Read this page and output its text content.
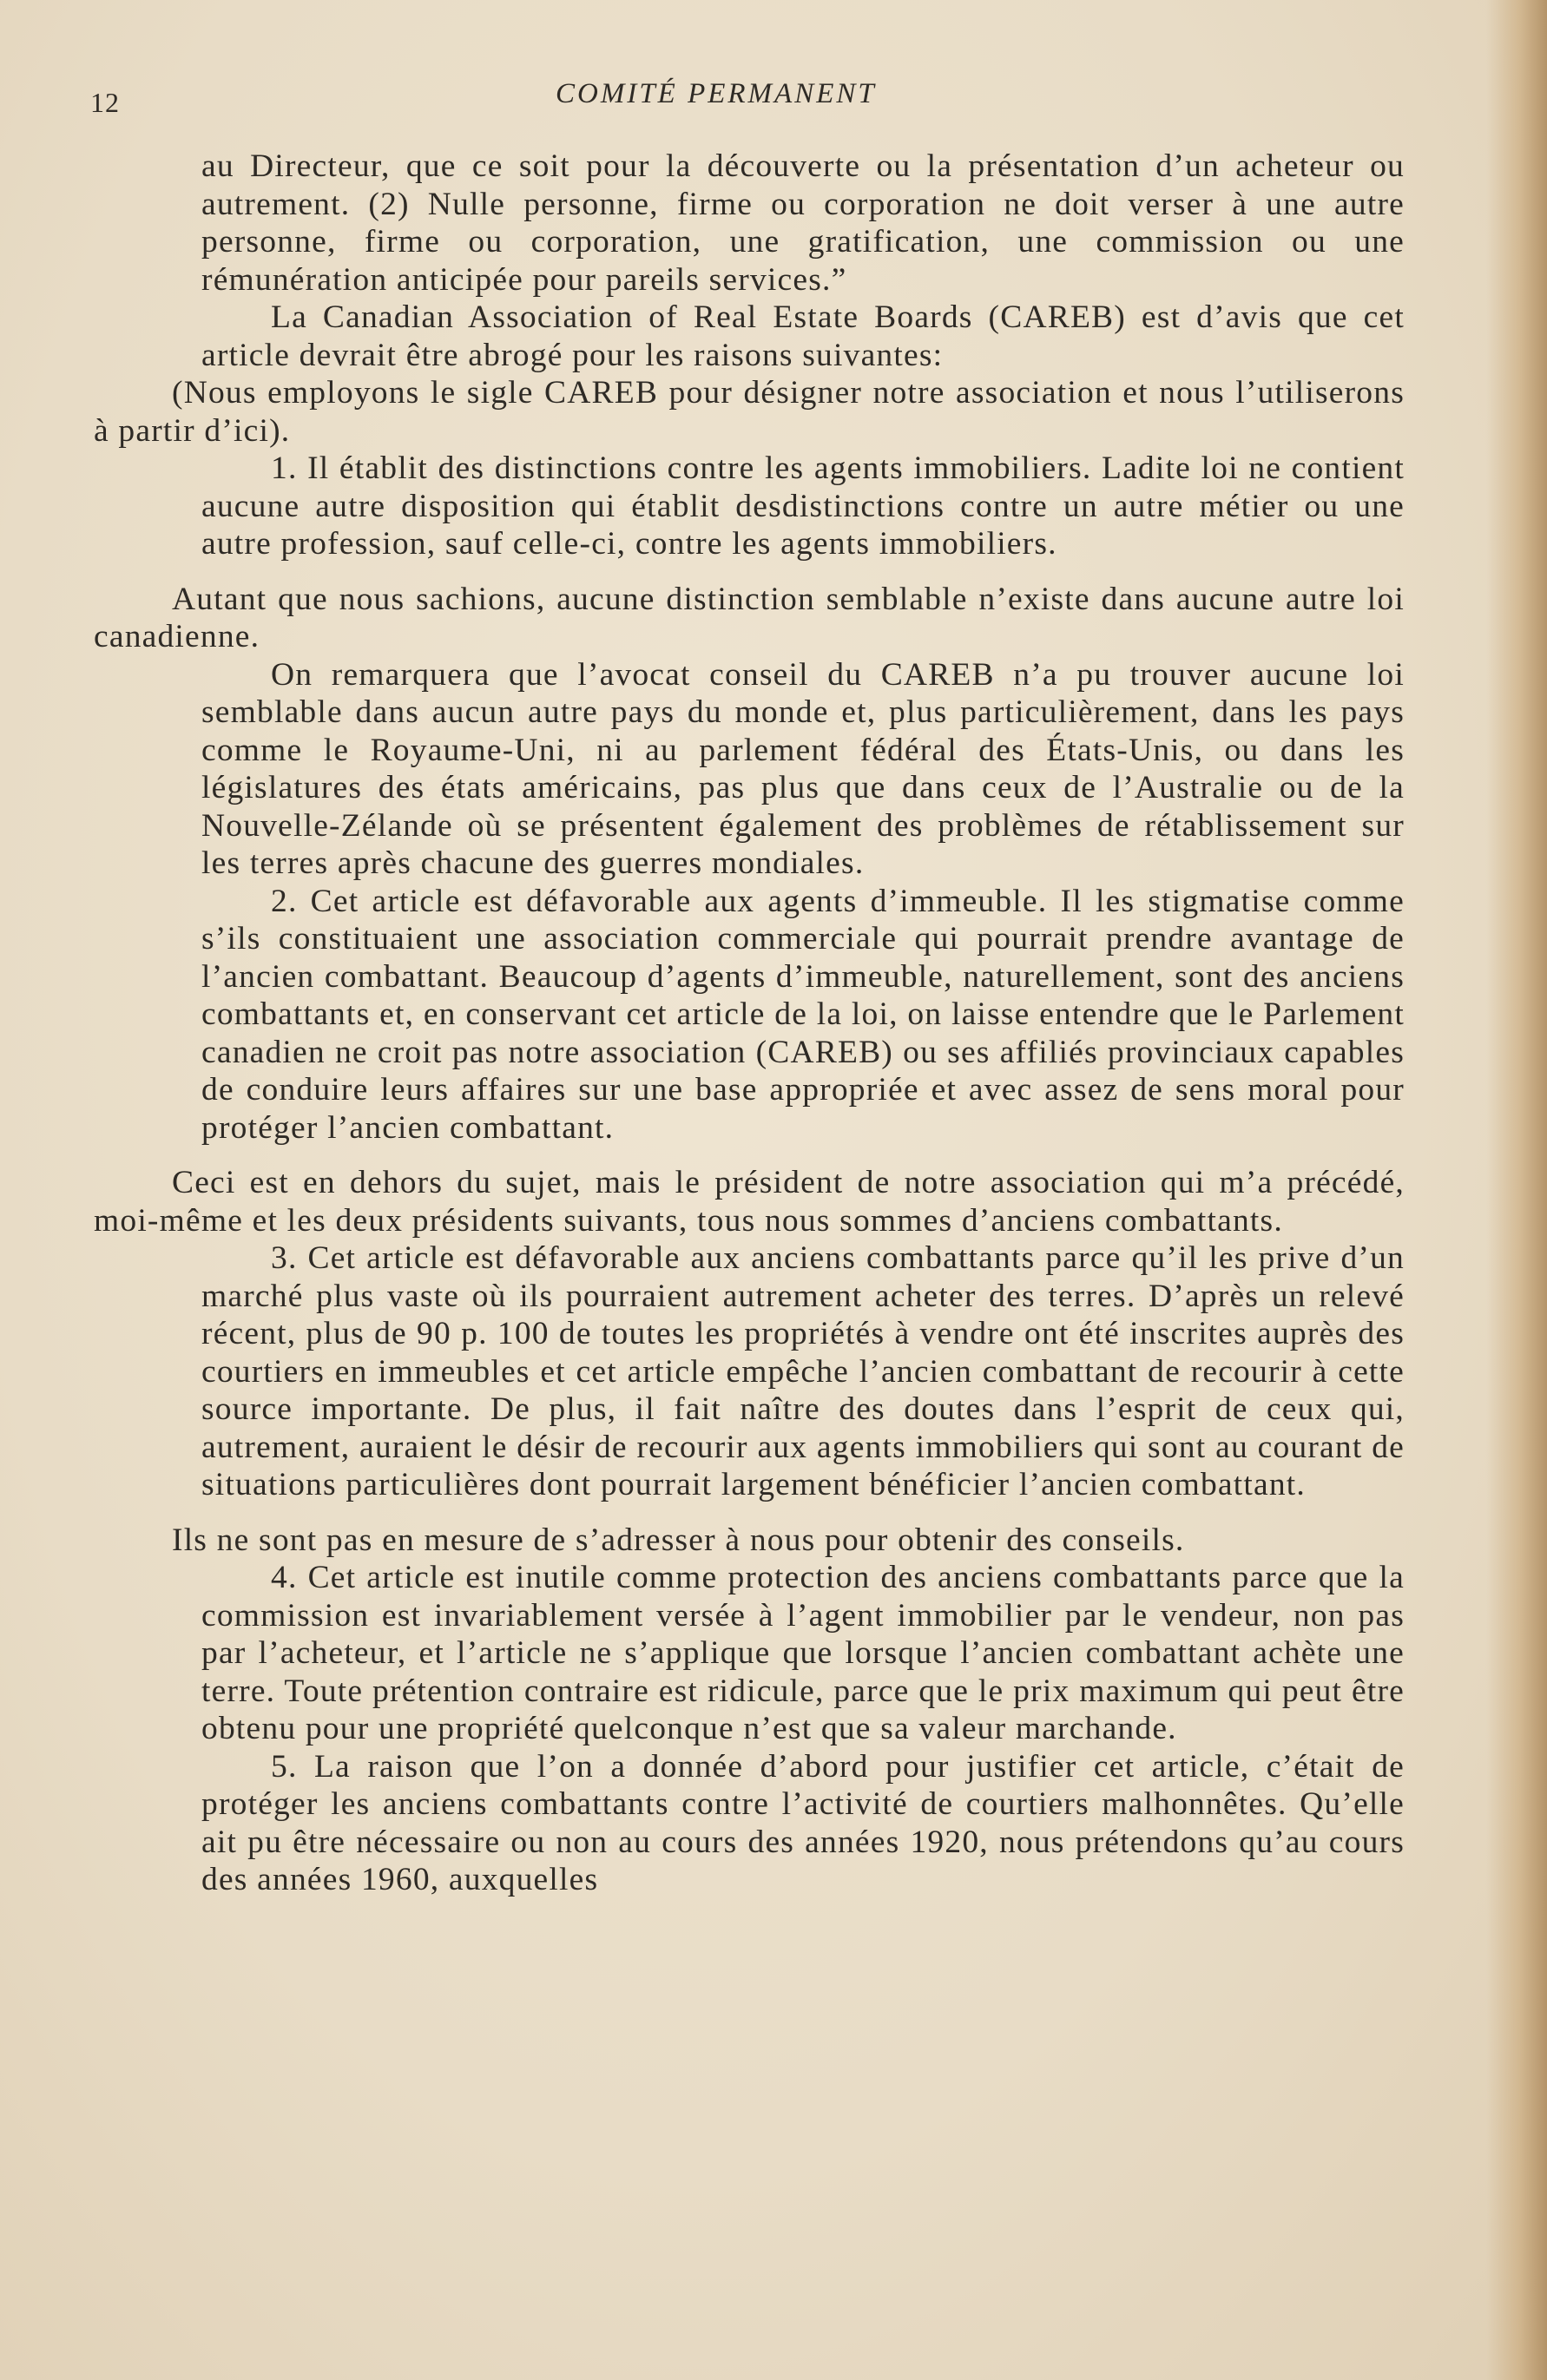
12	COMITÉ PERMANENT

au Directeur, que ce soit pour la découverte ou la présentation d’un acheteur ou autrement. (2) Nulle personne, firme ou corporation ne doit verser à une autre personne, firme ou corporation, une gratification, une commission ou une rémunération anticipée pour pareils services.”

La Canadian Association of Real Estate Boards (CAREB) est d’avis que cet article devrait être abrogé pour les raisons suivantes:

(Nous employons le sigle CAREB pour désigner notre association et nous l’utiliserons à partir d’ici).

1. Il établit des distinctions contre les agents immobiliers. Ladite loi ne contient aucune autre disposition qui établit desdistinctions contre un autre métier ou une autre profession, sauf celle-ci, contre les agents immobiliers.

Autant que nous sachions, aucune distinction semblable n’existe dans aucune autre loi canadienne.

On remarquera que l’avocat conseil du CAREB n’a pu trouver aucune loi semblable dans aucun autre pays du monde et, plus particulièrement, dans les pays comme le Royaume-Uni, ni au parlement fédéral des États-Unis, ou dans les législatures des états américains, pas plus que dans ceux de l’Australie ou de la Nouvelle-Zélande où se présentent également des problèmes de rétablissement sur les terres après chacune des guerres mondiales.

2. Cet article est défavorable aux agents d’immeuble. Il les stigmatise comme s’ils constituaient une association commerciale qui pourrait prendre avantage de l’ancien combattant. Beaucoup d’agents d’immeuble, naturellement, sont des anciens combattants et, en conservant cet article de la loi, on laisse entendre que le Parlement canadien ne croit pas notre association (CAREB) ou ses affiliés provinciaux capables de conduire leurs affaires sur une base appropriée et avec assez de sens moral pour protéger l’ancien combattant.

Ceci est en dehors du sujet, mais le président de notre association qui m’a précédé, moi-même et les deux présidents suivants, tous nous sommes d’anciens combattants.

3. Cet article est défavorable aux anciens combattants parce qu’il les prive d’un marché plus vaste où ils pourraient autrement acheter des terres. D’après un relevé récent, plus de 90 p. 100 de toutes les propriétés à vendre ont été inscrites auprès des courtiers en immeubles et cet article empêche l’ancien combattant de recourir à cette source importante. De plus, il fait naître des doutes dans l’esprit de ceux qui, autrement, auraient le désir de recourir aux agents immobiliers qui sont au courant de situations particulières dont pourrait largement bénéficier l’ancien combattant.

Ils ne sont pas en mesure de s’adresser à nous pour obtenir des conseils.

4. Cet article est inutile comme protection des anciens combattants parce que la commission est invariablement versée à l’agent immobilier par le vendeur, non pas par l’acheteur, et l’article ne s’applique que lorsque l’ancien combattant achète une terre. Toute prétention contraire est ridicule, parce que le prix maximum qui peut être obtenu pour une propriété quelconque n’est que sa valeur marchande.

5. La raison que l’on a donnée d’abord pour justifier cet article, c’était de protéger les anciens combattants contre l’activité de courtiers malhonnêtes. Qu’elle ait pu être nécessaire ou non au cours des années 1920, nous prétendons qu’au cours des années 1960, auxquelles
